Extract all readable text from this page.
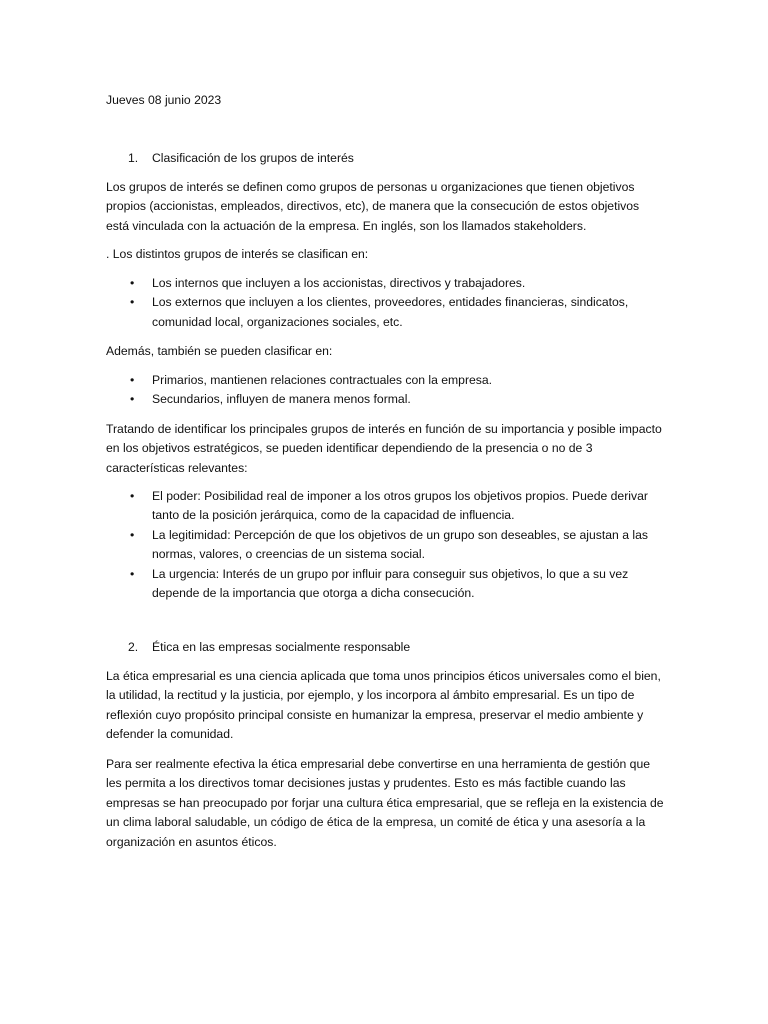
Jueves 08 junio 2023

1. Clasificación de los grupos de interés

Los grupos de interés se definen como grupos de personas u organizaciones que tienen objetivos propios (accionistas, empleados, directivos, etc), de manera que la consecución de estos objetivos está vinculada con la actuación de la empresa. En inglés, son los llamados stakeholders.

. Los distintos grupos de interés se clasifican en:

• Los internos que incluyen a los accionistas, directivos y trabajadores.
• Los externos que incluyen a los clientes, proveedores, entidades financieras, sindicatos, comunidad local, organizaciones sociales, etc.

Además, también se pueden clasificar en:

• Primarios, mantienen relaciones contractuales con la empresa.
• Secundarios, influyen de manera menos formal.

Tratando de identificar los principales grupos de interés en función de su importancia y posible impacto en los objetivos estratégicos, se pueden identificar dependiendo de la presencia o no de 3 características relevantes:

• El poder: Posibilidad real de imponer a los otros grupos los objetivos propios. Puede derivar tanto de la posición jerárquica, como de la capacidad de influencia.
• La legitimidad: Percepción de que los objetivos de un grupo son deseables, se ajustan a las normas, valores, o creencias de un sistema social.
• La urgencia: Interés de un grupo por influir para conseguir sus objetivos, lo que a su vez depende de la importancia que otorga a dicha consecución.
2. Ética en las empresas socialmente responsable

La ética empresarial es una ciencia aplicada que toma unos principios éticos universales como el bien, la utilidad, la rectitud y la justicia, por ejemplo, y los incorpora al ámbito empresarial. Es un tipo de reflexión cuyo propósito principal consiste en humanizar la empresa, preservar el medio ambiente y defender la comunidad.

Para ser realmente efectiva la ética empresarial debe convertirse en una herramienta de gestión que les permita a los directivos tomar decisiones justas y prudentes. Esto es más factible cuando las empresas se han preocupado por forjar una cultura ética empresarial, que se refleja en la existencia de un clima laboral saludable, un código de ética de la empresa, un comité de ética y una asesoría a la organización en asuntos éticos.
